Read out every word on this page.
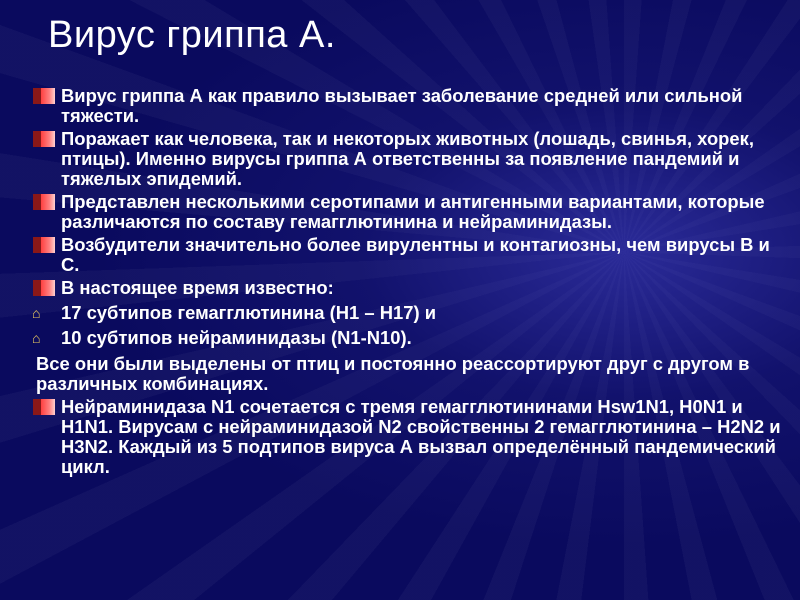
Вирус гриппа А.
Вирус гриппа А как правило вызывает заболевание средней или сильной тяжести.
Поражает как человека, так и некоторых животных (лошадь, свинья, хорек, птицы). Именно вирусы гриппа А ответственны за появление пандемий и тяжелых эпидемий.
Представлен несколькими серотипами и антигенными вариантами, которые различаются по составу гемагглютинина и нейраминидазы.
Возбудители значительно более вирулентны и контагиозны, чем вирусы В и С.
В настоящее время известно:
⌂ 17 субтипов гемагглютинина (H1 – H17) и
⌂ 10 субтипов нейраминидазы (N1-N10).
Все они были выделены от птиц и постоянно реассортируют друг с другом в различных комбинациях.
Нейраминидаза N1 сочетается с тремя гемагглютининами Hsw1N1, H0N1 и H1N1. Вирусам с нейраминидазой N2 свойственны 2 гемагглютинина – H2N2 и H3N2. Каждый из 5 подтипов вируса А вызвал определённый пандемический цикл.
